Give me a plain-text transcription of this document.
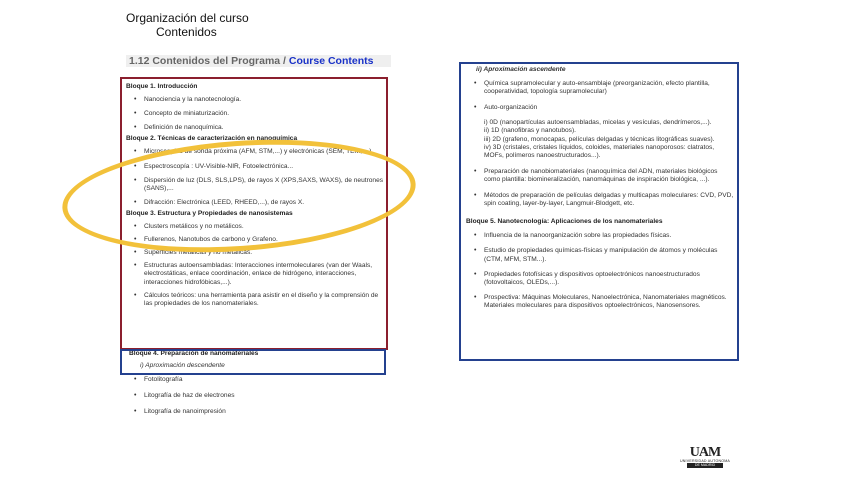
Organización del curso
Contenidos
1.12 Contenidos del Programa / Course Contents
Bloque 1. Introducción
• Nanociencia y la nanotecnología.
• Concepto de miniaturización.
• Definición de nanoquímica.
Bloque 2. Técnicas de caracterización en nanoquímica
• Microscopías de sonda próxima (AFM, STM,...) y electrónicas (SEM, TEM, ...).
• Espectroscopía : UV-Visible-NIR, Fotoelectrónica...
• Dispersión de luz (DLS, SLS,LPS), de rayos X (XPS,SAXS, WAXS), de neutrones (SANS),...
• Difracción: Electrónica (LEED, RHEED,...), de rayos X.
Bloque 3. Estructura y Propiedades de nanosistemas
• Clusters metálicos y no metálicos.
• Fullerenos, Nanotubos de carbono y Grafeno.
• Superficies metálicas y no metálicas.
• Estructuras autoensambladas: Interacciones intermoleculares (van der Waals, electrostáticas, enlace coordinación, enlace de hidrógeno, interacciones, interacciones hidrofóbicas,...).
• Cálculos teóricos: una herramienta para asistir en el diseño y la comprensión de las propiedades de los nanomateriales.
Bloque 4. Preparación de nanomateriales
i) Aproximación descendente
• Fotolitografía
• Litografía de haz de electrones
• Litografía de nanoimpresión
ii) Aproximación ascendente
• Química supramolecular y auto-ensamblaje (preorganización, efecto plantilla, cooperatividad, topología supramolecular)
• Auto-organización
i) 0D (nanopartículas autoensambladas, micelas y vesículas, dendrímeros,...).
ii) 1D (nanofibras y nanotubos).
iii) 2D (grafeno, monocapas, películas delgadas y técnicas litográficas suaves).
iv) 3D (cristales, cristales líquidos, coloides, materiales nanoporosos: clatratos, MOFs, polímeros nanoestructurados...).
• Preparación de nanobiomateriales (nanoquímica del ADN, materiales biológicos como plantilla: biomineralización, nanomáquinas de inspiración biológica, ...).
• Métodos de preparación de películas delgadas y multicapas moleculares: CVD, PVD, spin coating, layer-by-layer, Langmuir-Blodgett, etc.
Bloque 5. Nanotecnología: Aplicaciones de los nanomateriales
• Influencia de la nanoorganización sobre las propiedades físicas.
• Estudio de propiedades químicas-físicas y manipulación de átomos y moléculas (CTM, MFM, STM...).
• Propiedades fotofísicas y dispositivos optoelectrónicos nanoestructurados (fotovoltaicos, OLEDs,...).
• Prospectiva: Máquinas Moleculares, Nanoelectrónica, Nanomateriales magnéticos. Materiales moleculares para dispositivos optoelectrónicos, Nanosensores.
UAM
UNIVERSIDAD AUTONOMA
DE MADRID
